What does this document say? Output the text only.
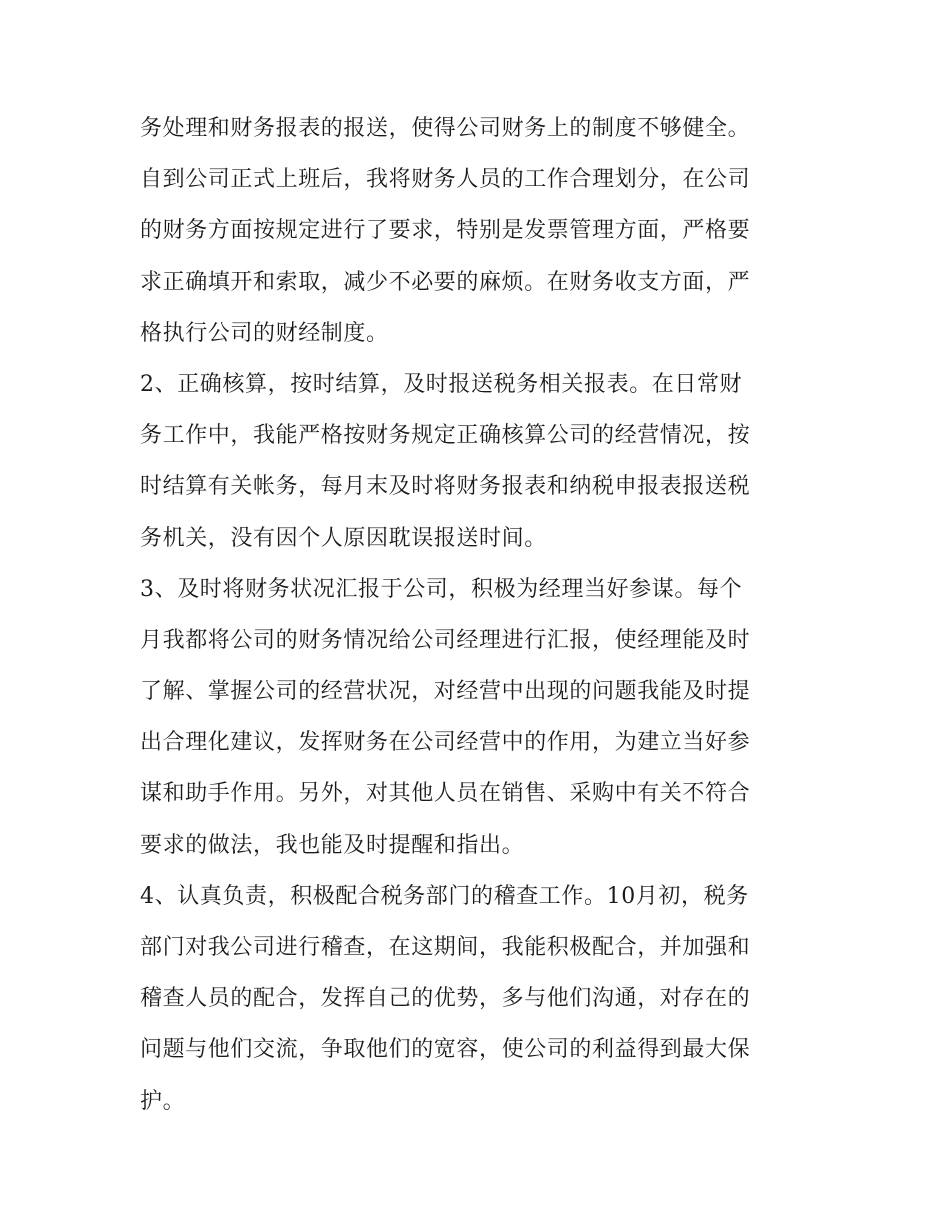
务处理和财务报表的报送，使得公司财务上的制度不够健全。
自到公司正式上班后，我将财务人员的工作合理划分，在公司
的财务方面按规定进行了要求，特别是发票管理方面，严格要
求正确填开和索取，减少不必要的麻烦。在财务收支方面，严
格执行公司的财经制度。
2、正确核算，按时结算，及时报送税务相关报表。在日常财
务工作中，我能严格按财务规定正确核算公司的经营情况，按
时结算有关帐务，每月末及时将财务报表和纳税申报表报送税
务机关，没有因个人原因耽误报送时间。
3、及时将财务状况汇报于公司，积极为经理当好参谋。每个
月我都将公司的财务情况给公司经理进行汇报，使经理能及时
了解、掌握公司的经营状况，对经营中出现的问题我能及时提
出合理化建议，发挥财务在公司经营中的作用，为建立当好参
谋和助手作用。另外，对其他人员在销售、采购中有关不符合
要求的做法，我也能及时提醒和指出。
4、认真负责，积极配合税务部门的稽查工作。10月初，税务
部门对我公司进行稽查，在这期间，我能积极配合，并加强和
稽查人员的配合，发挥自己的优势，多与他们沟通，对存在的
问题与他们交流，争取他们的宽容，使公司的利益得到最大保
护。
